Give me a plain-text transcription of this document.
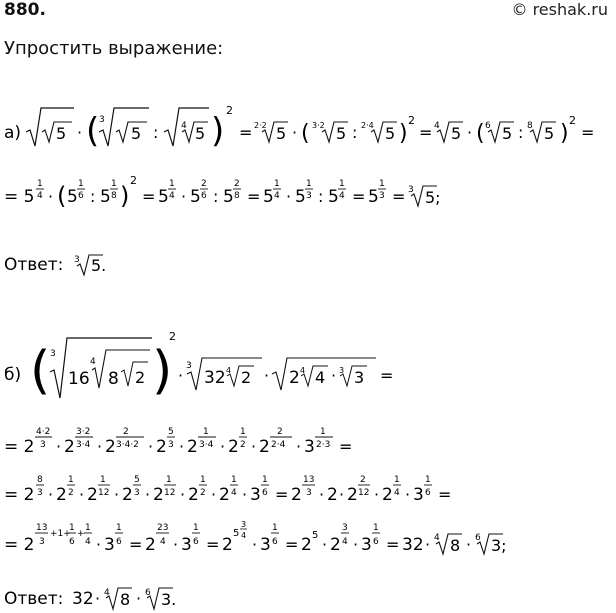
880.	© reshak.ru
Упростить выражение:
а) 5 · ( 3
5 :	4 5 )
2
= 2·2 5 · ( 3·2 5 : 2·4 5 )
2
= 4 5 · ( 6 5 : 8 5 )
2
=
= 5
1
4 · ( 5
1
6 : 5
1
8 )
2
= 5
1
4 · 5
2
6 : 5
2
8 = 5
1
4 · 5
1
3 : 5
1
4 = 5
1
3 = 3 5;
Ответ: 3 5.
б) ( 3
16
4
8 2 )
2
· 3
32 4 2 · 2 4 4 · 3 3 =
= 2
4·2
3 · 2
3·2
3·4 · 2
2
3·4·2 · 2
5
3 · 2
1
3·4 · 2
1
2 · 2
2
2·4 · 3
1
2·3 =
= 2
8
3 · 2
1
2 · 2
1
12 · 2
5
3 · 2
1
12 · 2
1
2 · 2
1
4 · 3
1
6 = 2
13
3 · 2 · 2
2
12 · 2
1
4 · 3
1
6 =
= 2
13
3
+1+
1
6
+
1
4 · 3
1
6 = 2
23
4 · 3
1
6 = 2
5
3
4 · 3
1
6 = 2 5 · 2
3
4 · 3
1
6 = 32 · 4 8 · 6 3;
Ответ: 32 · 4 8 · 6 3.
